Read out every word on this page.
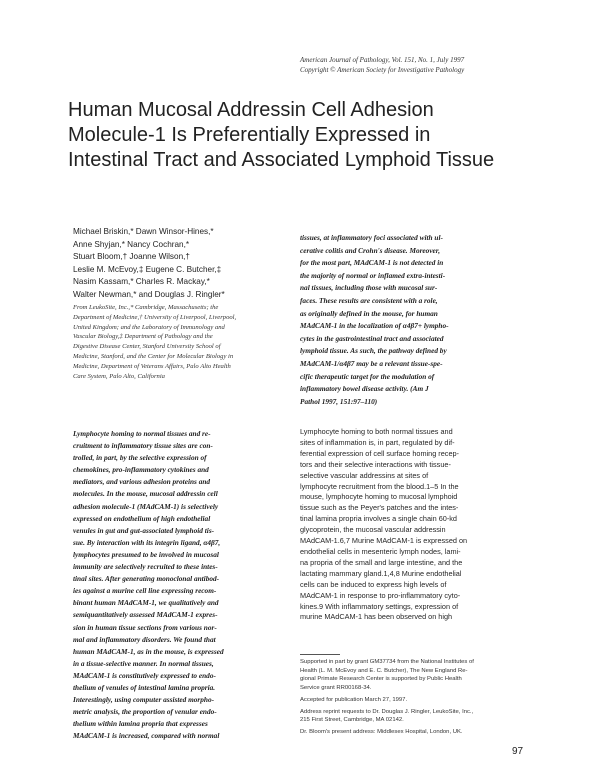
American Journal of Pathology, Vol. 151, No. 1, July 1997
Copyright © American Society for Investigative Pathology
Human Mucosal Addressin Cell Adhesion
Molecule-1 Is Preferentially Expressed in
Intestinal Tract and Associated Lymphoid Tissue
Michael Briskin,* Dawn Winsor-Hines,*
Anne Shyjan,* Nancy Cochran,*
Stuart Bloom,† Joanne Wilson,†
Leslie M. McEvoy,‡ Eugene C. Butcher,‡
Nasim Kassam,* Charles R. Mackay,*
Walter Newman,* and Douglas J. Ringler*
From LeukoSite, Inc.,* Cambridge, Massachusetts; the
Department of Medicine,† University of Liverpool, Liverpool,
United Kingdom; and the Laboratory of Immunology and
Vascular Biology,‡ Department of Pathology and the
Digestive Disease Center, Stanford University School of
Medicine, Stanford, and the Center for Molecular Biology in
Medicine, Department of Veterans Affairs, Palo Alto Health
Care System, Palo Alto, California
tissues, at inflammatory foci associated with ul-
cerative colitis and Crohn's disease. Moreover,
for the most part, MAdCAM-1 is not detected in
the majority of normal or inflamed extra-intesti-
nal tissues, including those with mucosal sur-
faces. These results are consistent with a role,
as originally defined in the mouse, for human
MAdCAM-1 in the localization of α4β7+ lympho-
cytes in the gastrointestinal tract and associated
lymphoid tissue. As such, the pathway defined by
MAdCAM-1/α4β7 may be a relevant tissue-spe-
cific therapeutic target for the modulation of
inflammatory bowel disease activity. (Am J
Pathol 1997, 151:97–110)
Lymphocyte homing to normal tissues and re-
cruitment to inflammatory tissue sites are con-
trolled, in part, by the selective expression of
chemokines, pro-inflammatory cytokines and
mediators, and various adhesion proteins and
molecules. In the mouse, mucosal addressin cell
adhesion molecule-1 (MAdCAM-1) is selectively
expressed on endothelium of high endothelial
venules in gut and gut-associated lymphoid tis-
sue. By interaction with its integrin ligand, α4β7,
lymphocytes presumed to be involved in mucosal
immunity are selectively recruited to these intes-
tinal sites. After generating monoclonal antibod-
ies against a murine cell line expressing recom-
binant human MAdCAM-1, we qualitatively and
semiquantitatively assessed MAdCAM-1 expres-
sion in human tissue sections from various nor-
mal and inflammatory disorders. We found that
human MAdCAM-1, as in the mouse, is expressed
in a tissue-selective manner. In normal tissues,
MAdCAM-1 is constitutively expressed to endo-
thelium of venules of intestinal lamina propria.
Interestingly, using computer assisted morpho-
metric analysis, the proportion of venular endo-
thelium within lamina propria that expresses
MAdCAM-1 is increased, compared with normal
Lymphocyte homing to both normal tissues and
sites of inflammation is, in part, regulated by dif-
ferential expression of cell surface homing recep-
tors and their selective interactions with tissue-
selective vascular addressins at sites of
lymphocyte recruitment from the blood.1–5 In the
mouse, lymphocyte homing to mucosal lymphoid
tissue such as the Peyer's patches and the intes-
tinal lamina propria involves a single chain 60-kd
glycoprotein, the mucosal vascular addressin
MAdCAM-1.6,7 Murine MAdCAM-1 is expressed on
endothelial cells in mesenteric lymph nodes, lami-
na propria of the small and large intestine, and the
lactating mammary gland.1,4,8 Murine endothelial
cells can be induced to express high levels of
MAdCAM-1 in response to pro-inflammatory cyto-
kines.9 With inflammatory settings, expression of
murine MAdCAM-1 has been observed on high
Supported in part by grant GM37734 from the National Institutes of
Health (L. M. McEvoy and E. C. Butcher), The New England Re-
gional Primate Research Center is supported by Public Health
Service grant RR00168-34.
Accepted for publication March 27, 1997.
Address reprint requests to Dr. Douglas J. Ringler, LeukoSite, Inc.,
215 First Street, Cambridge, MA 02142.
Dr. Bloom's present address: Middlesex Hospital, London, UK.
97
